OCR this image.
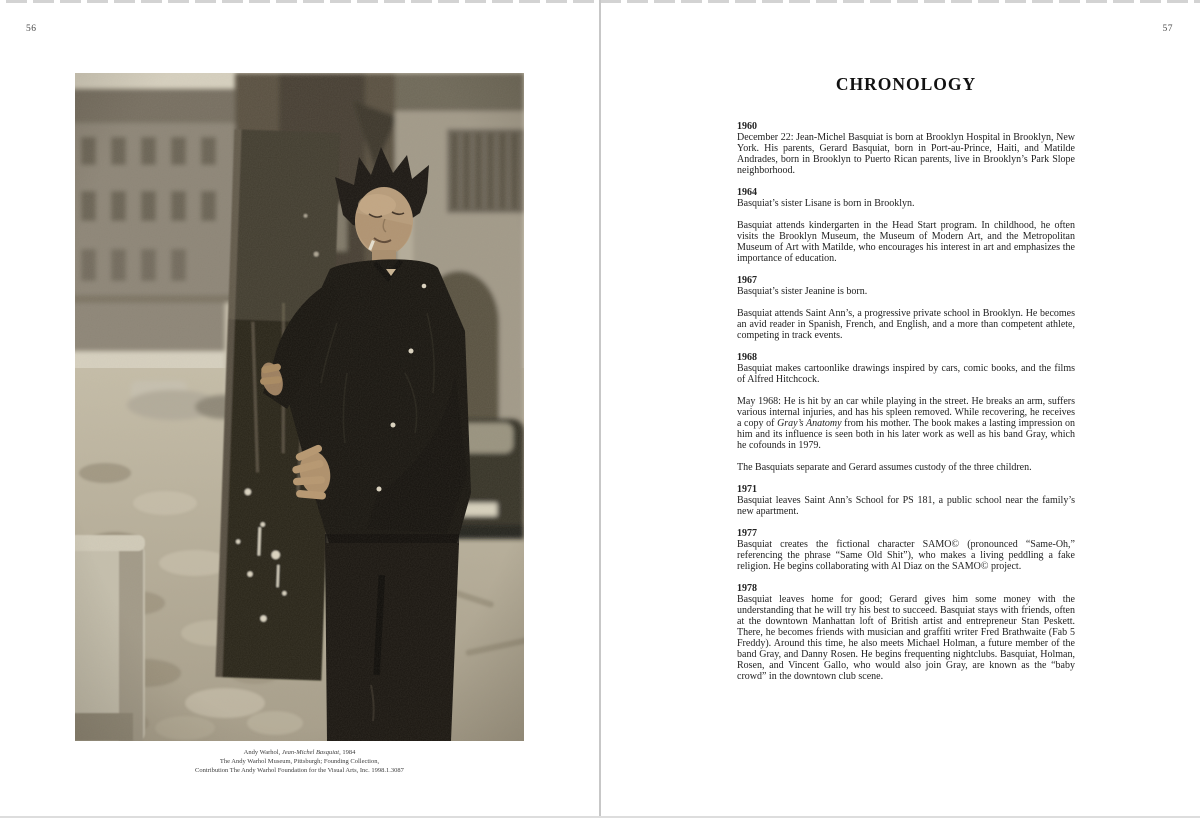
56
Andy Warhol, Jean-Michel Basquiat, 1984
The Andy Warhol Museum, Pittsburgh; Founding Collection,
Contribution The Andy Warhol Foundation for the Visual Arts, Inc. 1998.1.3087
57
CHRONOLOGY
1960

December 22: Jean-Michel Basquiat is born at Brooklyn Hospital in Brooklyn, New York. His parents, Gerard Basquiat, born in Port-au-Prince, Haiti, and Matilde Andrades, born in Brooklyn to Puerto Rican parents, live in Brooklyn’s Park Slope neighborhood.

1964

Basquiat’s sister Lisane is born in Brooklyn.

Basquiat attends kindergarten in the Head Start program. In childhood, he often visits the Brooklyn Museum, the Museum of Modern Art, and the Metropolitan Museum of Art with Matilde, who encourages his interest in art and emphasizes the importance of education.

1967

Basquiat’s sister Jeanine is born.

Basquiat attends Saint Ann’s, a progressive private school in Brooklyn. He becomes an avid reader in Spanish, French, and English, and a more than competent athlete, competing in track events.

1968

Basquiat makes cartoonlike drawings inspired by cars, comic books, and the films of Alfred Hitchcock.

May 1968: He is hit by an car while playing in the street. He breaks an arm, suffers various internal injuries, and has his spleen removed. While recovering, he receives a copy of Gray’s Anatomy from his mother. The book makes a lasting impression on him and its influence is seen both in his later work as well as his band Gray, which he cofounds in 1979.

The Basquiats separate and Gerard assumes custody of the three children.

1971

Basquiat leaves Saint Ann’s School for PS 181, a public school near the family’s new apartment.

1977

Basquiat creates the fictional character SAMO© (pronounced “Same-Oh,” referencing the phrase “Same Old Shit”), who makes a living peddling a fake religion. He begins collaborating with Al Diaz on the SAMO© project.

1978

Basquiat leaves home for good; Gerard gives him some money with the understanding that he will try his best to succeed. Basquiat stays with friends, often at the downtown Manhattan loft of British artist and entrepreneur Stan Peskett. There, he becomes friends with musician and graffiti writer Fred Brathwaite (Fab 5 Freddy). Around this time, he also meets Michael Holman, a future member of the band Gray, and Danny Rosen. He begins frequenting nightclubs. Basquiat, Holman, Rosen, and Vincent Gallo, who would also join Gray, are known as the “baby crowd” in the downtown club scene.
